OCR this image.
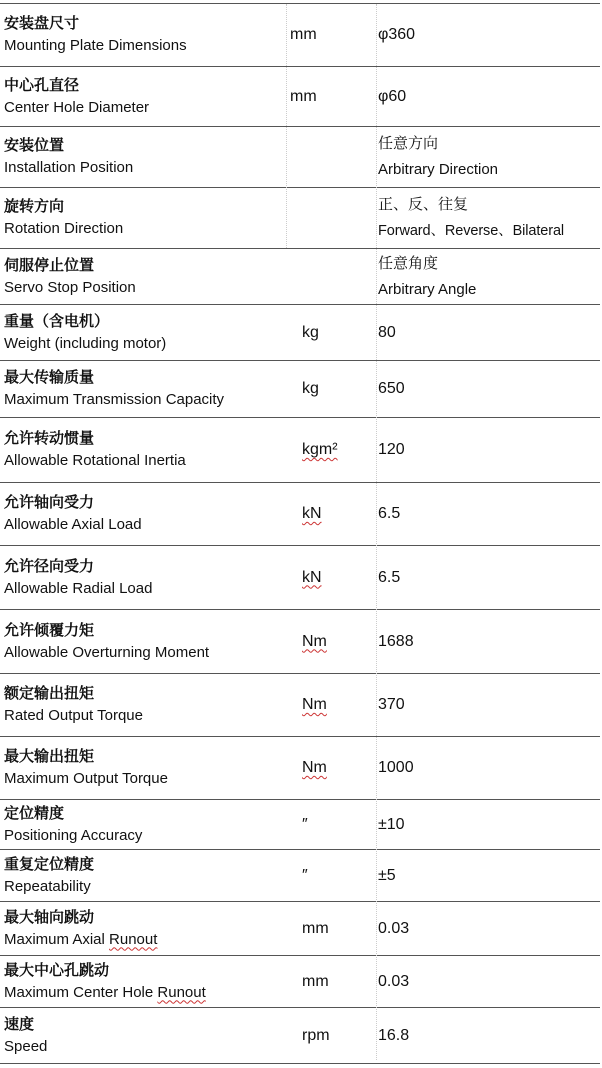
安装盘尺寸
Mounting Plate Dimensions	mm	φ360

中心孔直径
Center Hole Diameter	mm	φ60

安装位置
Installation Position		任意方向
Arbitrary Direction

旋转方向
Rotation Direction		正、反、往复
Forward、Reverse、Bilateral

伺服停止位置
Servo Stop Position		任意角度
Arbitrary Angle

重量（含电机）
Weight (including motor)	kg	80

最大传输质量
Maximum Transmission Capacity	kg	650

允许转动惯量
Allowable Rotational Inertia	kgm²	120

允许轴向受力
Allowable Axial Load	kN	6.5

允许径向受力
Allowable Radial Load	kN	6.5

允许倾覆力矩
Allowable Overturning Moment	Nm	1688

额定输出扭矩
Rated Output Torque	Nm	370

最大输出扭矩
Maximum Output Torque	Nm	1000

定位精度
Positioning Accuracy	″	±10

重复定位精度
Repeatability	″	±5

最大轴向跳动
Maximum Axial Runout	mm	0.03

最大中心孔跳动
Maximum Center Hole Runout	mm	0.03

速度
Speed	rpm	16.8
